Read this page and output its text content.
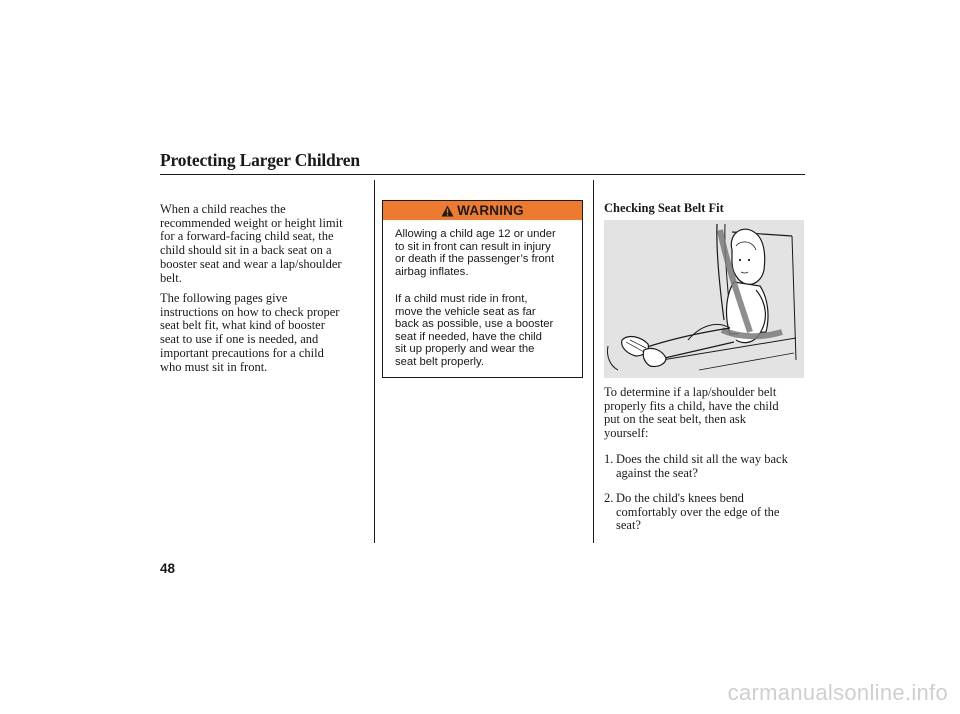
Protecting Larger Children

When a child reaches the
recommended weight or height limit
for a forward-facing child seat, the
child should sit in a back seat on a
booster seat and wear a lap/shoulder
belt.

The following pages give
instructions on how to check proper
seat belt fit, what kind of booster
seat to use if one is needed, and
important precautions for a child
who must sit in front.

WARNING

Allowing a child age 12 or under
to sit in front can result in injury
or death if the passenger’s front
airbag inflates.

If a child must ride in front,
move the vehicle seat as far
back as possible, use a booster
seat if needed, have the child
sit up properly and wear the
seat belt properly.

Checking Seat Belt Fit

To determine if a lap/shoulder belt
properly fits a child, have the child
put on the seat belt, then ask
yourself:

1. Does the child sit all the way back
against the seat?
2. Do the child's knees bend
comfortably over the edge of the
seat?

48

carmanualsonline.info
